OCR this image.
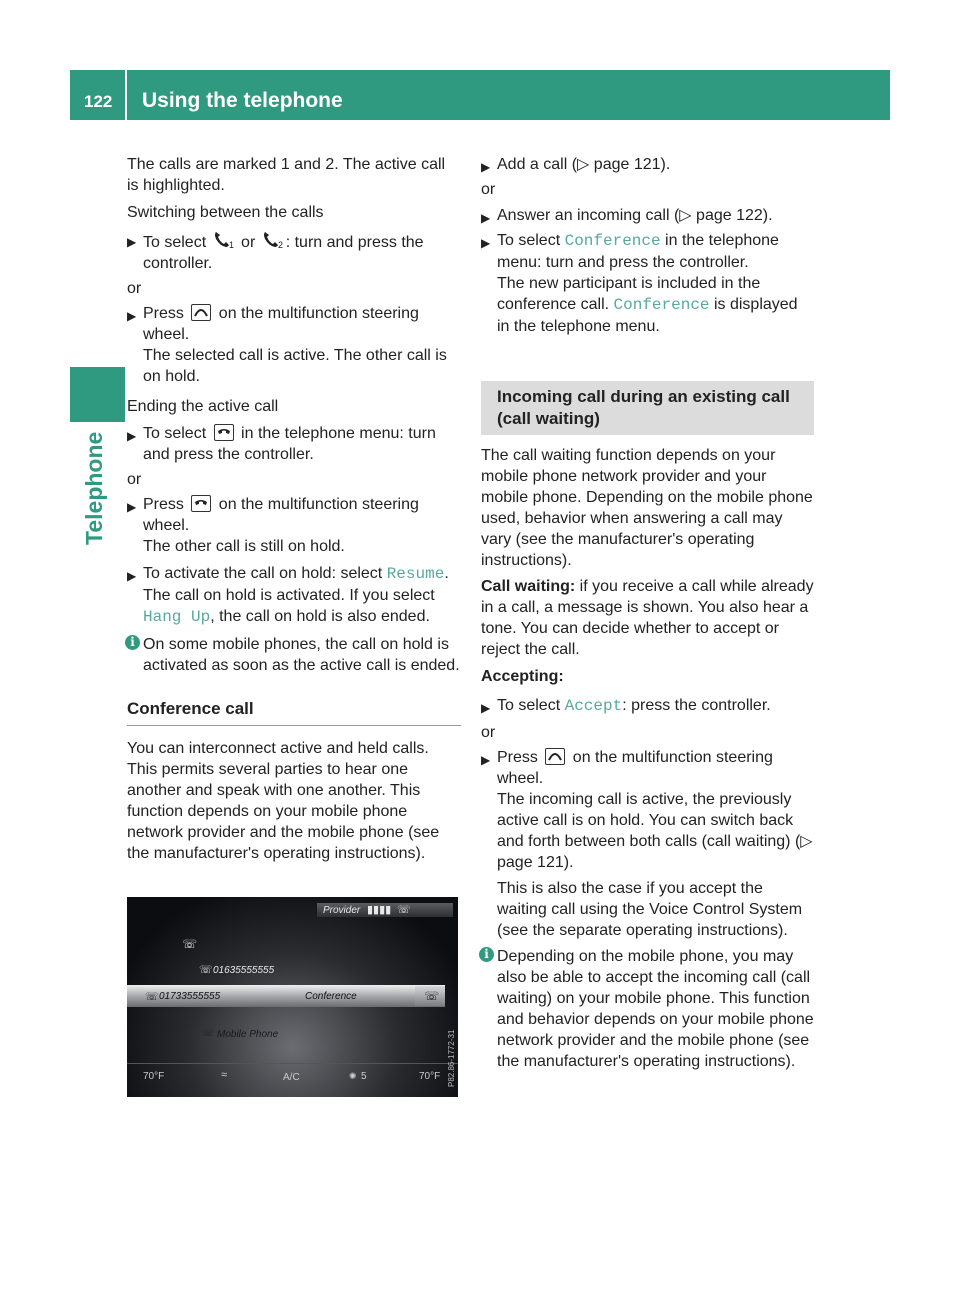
122 Using the telephone
Telephone

The calls are marked 1 and 2. The active call is highlighted.

Switching between the calls

▶ To select 1 or 2 : turn and press the controller.

or

▶ Press
on the multifunction steering wheel.
The selected call is active. The other call is on hold.

Ending the active call

▶ To select
in the telephone menu: turn and press the controller.

or

▶ Press
on the multifunction steering wheel.
The other call is still on hold.
▶ To activate the call on hold: select Resume.
The call on hold is activated. If you select Hang Up, the call on hold is also ended.
i On some mobile phones, the call on hold is activated as soon as the active call is ended.

Conference call

You can interconnect active and held calls. This permits several parties to hear one another and speak with one another. This function depends on your mobile phone network provider and the mobile phone (see the manufacturer's operating instructions).

Provider ▮▮▮▮ ☏
☏
☏ 01635555555
☏ 01733555555	Conference	☏
☏ Mobile Phone
70°F	≈	A/C	✺ 5	70°F P82.86-1772-31
▶ Add a call (▷ page 121).

or

▶ Answer an incoming call (▷ page 122).
▶ To select Conference in the telephone menu: turn and press the controller.
The new participant is included in the conference call. Conference is displayed in the telephone menu.
Incoming call during an existing call (call waiting)

The call waiting function depends on your mobile phone network provider and your mobile phone. Depending on the mobile phone used, behavior when answering a call may vary (see the manufacturer's operating instructions).

Call waiting: if you receive a call while already in a call, a message is shown. You also hear a tone. You can decide whether to accept or reject the call.

Accepting:

▶ To select Accept: press the controller.

or

▶ Press
on the multifunction steering wheel.
The incoming call is active, the previously active call is on hold. You can switch back and forth between both calls (call waiting) (▷ page 121).

This is also the case if you accept the waiting call using the Voice Control System (see the separate operating instructions).

i Depending on the mobile phone, you may also be able to accept the incoming call (call waiting) on your mobile phone. This function and behavior depends on your mobile phone network provider and the mobile phone (see the manufacturer's operating instructions).
